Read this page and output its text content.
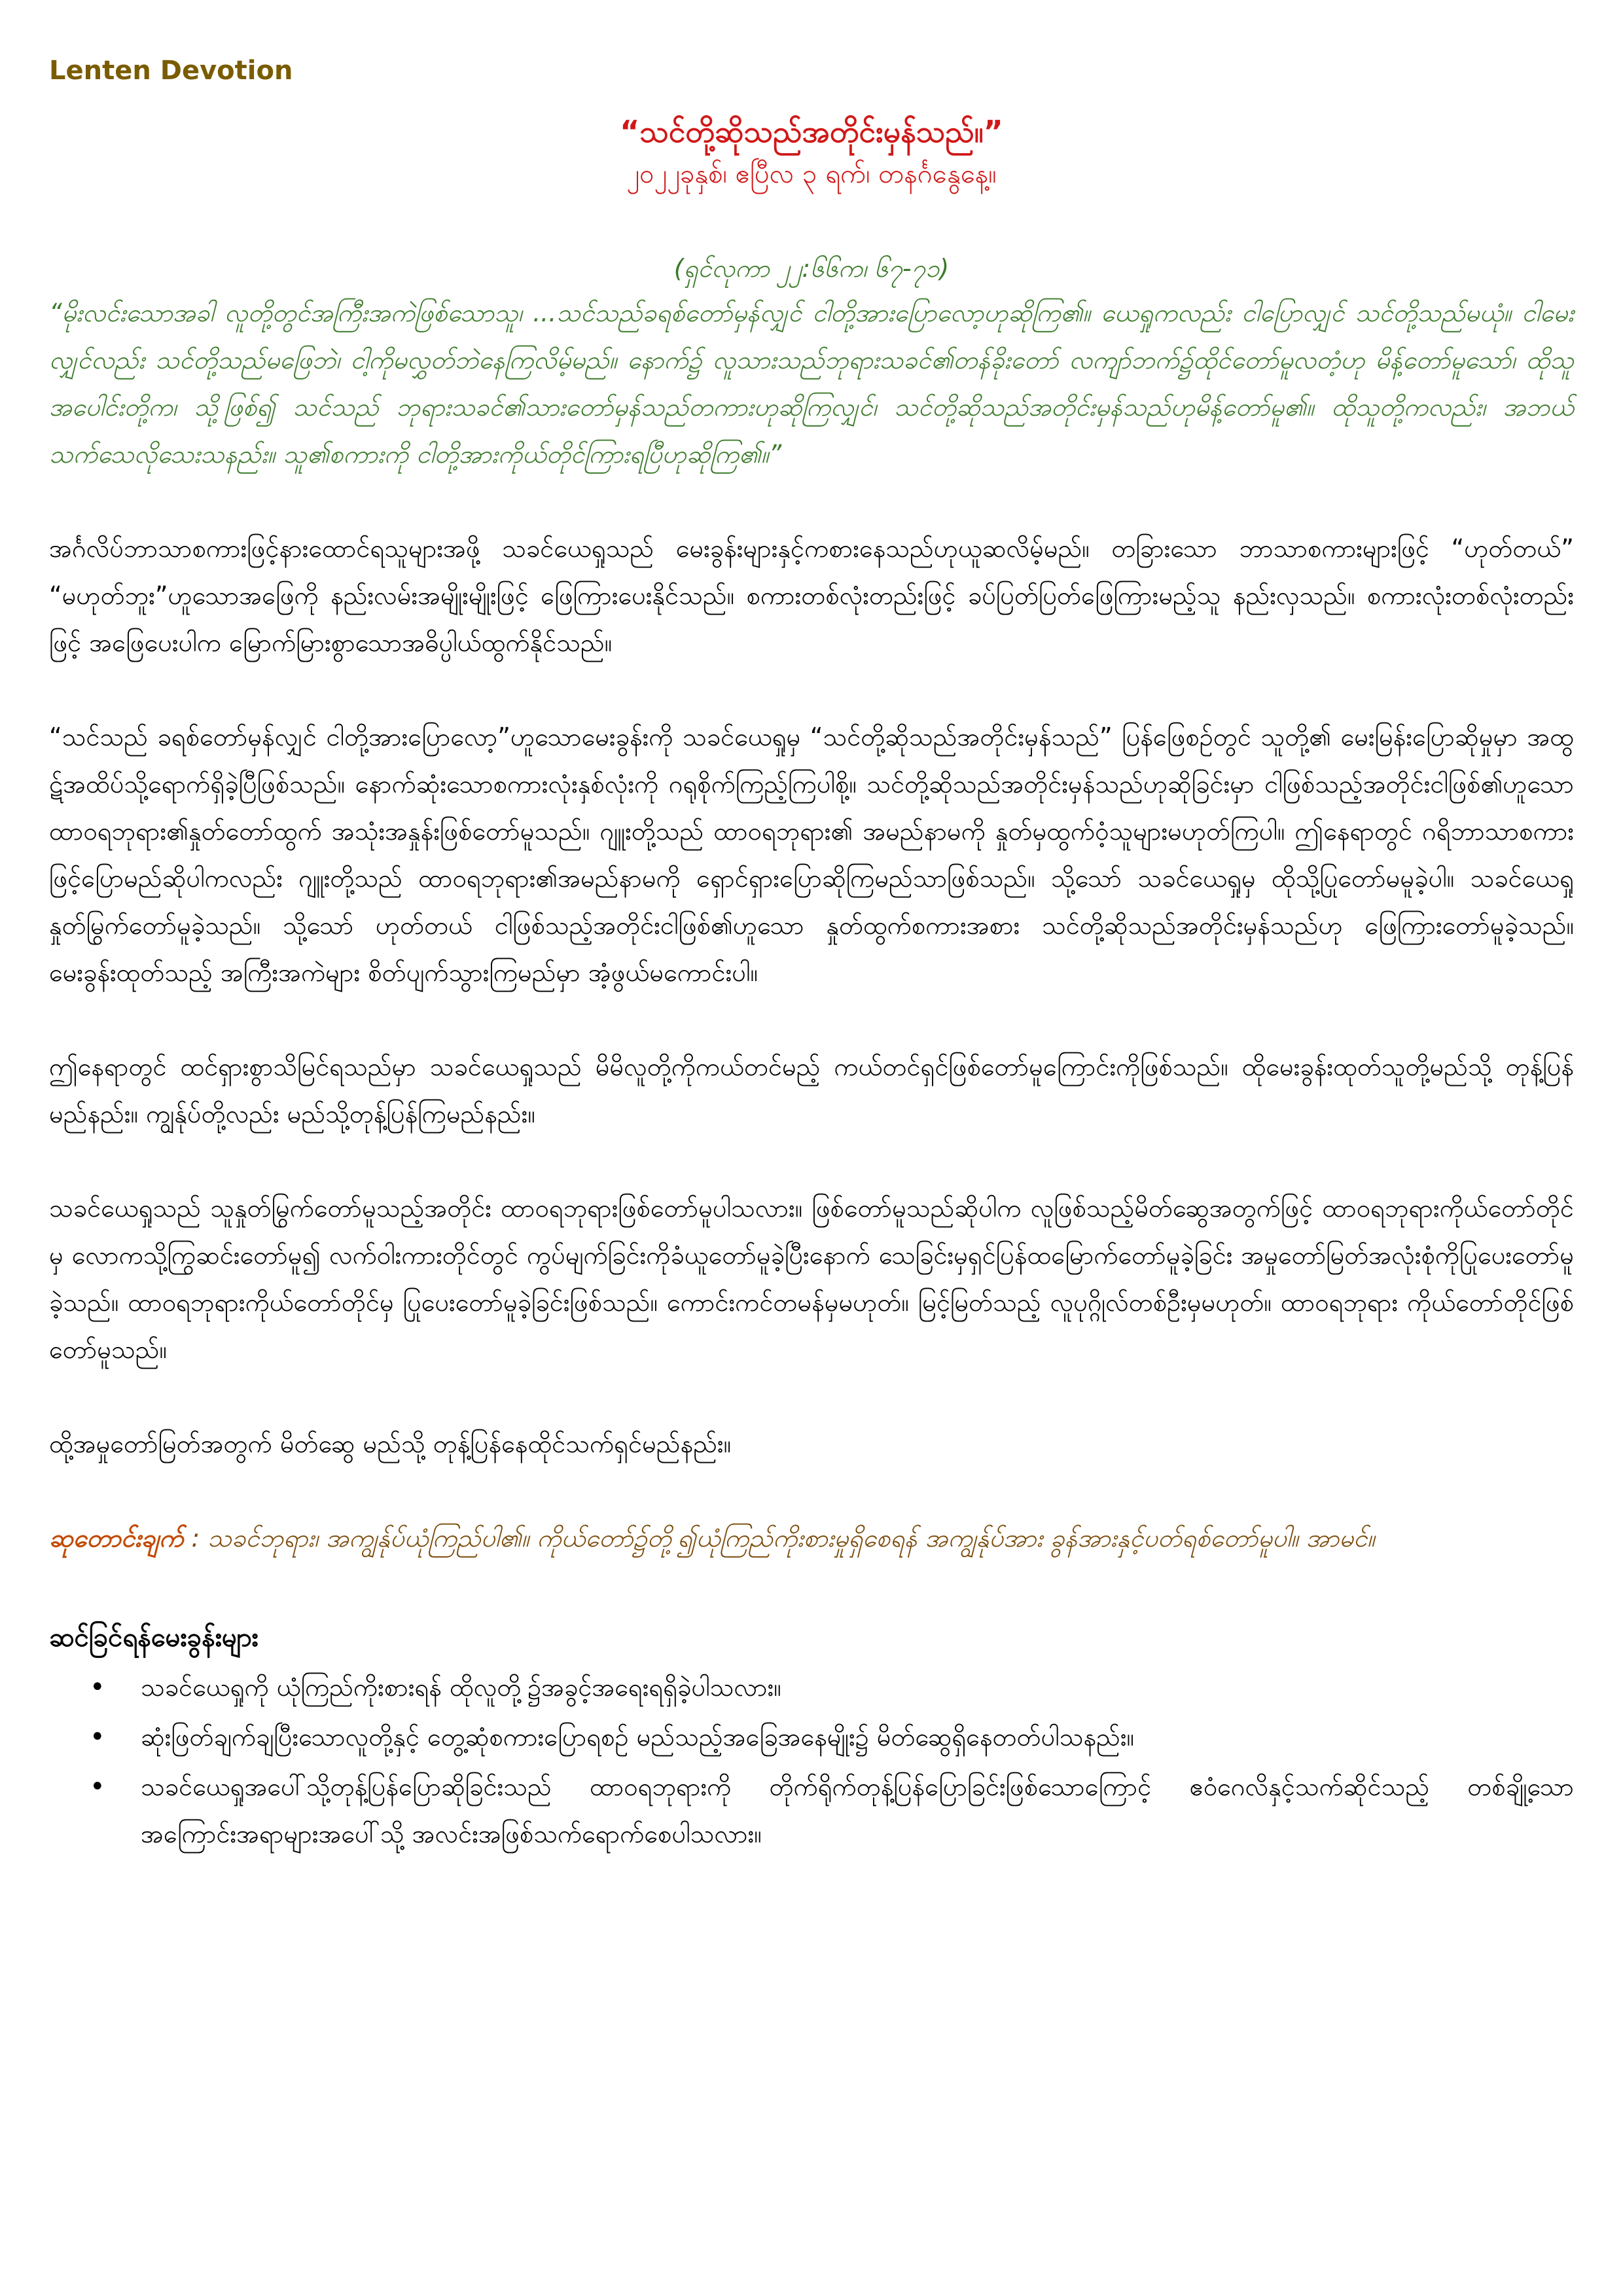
Lenten Devotion
“သင်တို့ဆိုသည်အတိုင်းမှန်သည်။”
၂၀၂၂ခုနှစ်၊ ဧပြီလ ၃ ရက်၊ တနင်္ဂနွေနေ့။
(ရှင်လုကာ ၂၂:၆၆က၊ ၆၇-၇၁)
“မိုးလင်းသောအခါ လူတို့တွင်အကြီးအကဲဖြစ်သောသူ၊ ...သင်သည်ခရစ်တော်မှန်လျှင် ငါတို့အားပြောလော့ဟုဆိုကြ၏။ ယေရှုကလည်း ငါပြောလျှင် သင်တို့သည်မယုံ။ ငါမေးလျှင်လည်း သင်တို့သည်မဖြေဘဲ၊ ငါ့ကိုမလွှတ်ဘဲနေကြလိမ့်မည်။ နောက်၌ လူသားသည်ဘုရားသခင်၏တန်ခိုးတော် လကျာ်ဘက်၌ထိုင်တော်မူလတံ့ဟု မိန့်တော်မူသော်၊ ထိုသူအပေါင်းတို့က၊ သို့ဖြစ်၍ သင်သည် ဘုရားသခင်၏သားတော်မှန်သည်တကားဟုဆိုကြလျှင်၊ သင်တို့ဆိုသည်အတိုင်းမှန်သည်ဟုမိန့်တော်မူ၏။ ထိုသူတို့ကလည်း၊ အဘယ်သက်သေလိုသေးသနည်း။ သူ၏စကားကို ငါတို့အားကိုယ်တိုင်ကြားရပြီဟုဆိုကြ၏။”
အင်္ဂလိပ်ဘာသာစကားဖြင့်နားထောင်ရသူများအဖို့ သခင်ယေရှုသည် မေးခွန်းများနှင့်ကစားနေသည်ဟုယူဆလိမ့်မည်။ တခြားသော ဘာသာစကားများဖြင့် “ဟုတ်တယ်” “မဟုတ်ဘူး”ဟူသောအဖြေကို နည်းလမ်းအမျိုးမျိုးဖြင့် ဖြေကြားပေးနိုင်သည်။ စကားတစ်လုံးတည်းဖြင့် ခပ်ပြတ်ပြတ်ဖြေကြားမည့်သူ နည်းလှသည်။ စကားလုံးတစ်လုံးတည်းဖြင့် အဖြေပေးပါက မြောက်မြားစွာသောအဓိပ္ပါယ်ထွက်နိုင်သည်။
“သင်သည် ခရစ်တော်မှန်လျှင် ငါတို့အားပြောလော့”ဟူသောမေးခွန်းကို သခင်ယေရှုမှ “သင်တို့ဆိုသည်အတိုင်းမှန်သည်” ပြန်ဖြေစဉ်တွင် သူတို့၏ မေးမြန်းပြောဆိုမှုမှာ အထွဋ်အထိပ်သို့ရောက်ရှိခဲ့ပြီဖြစ်သည်။ နောက်ဆုံးသောစကားလုံးနှစ်လုံးကို ဂရုစိုက်ကြည့်ကြပါစို့။ သင်တို့ဆိုသည်အတိုင်းမှန်သည်ဟုဆိုခြင်းမှာ ငါဖြစ်သည့်အတိုင်းငါဖြစ်၏ဟူသော ထာဝရဘုရား၏နှုတ်တော်ထွက် အသုံးအနှုန်းဖြစ်တော်မူသည်။ ဂျူးတို့သည် ထာဝရဘုရား၏ အမည်နာမကို နှုတ်မှထွက်ဝံ့သူများမဟုတ်ကြပါ။ ဤနေရာတွင် ဂရိဘာသာစကားဖြင့်ပြောမည်ဆိုပါကလည်း ဂျူးတို့သည် ထာဝရဘုရား၏အမည်နာမကို ရှောင်ရှားပြောဆိုကြမည်သာဖြစ်သည်။ သို့သော် သခင်ယေရှုမှ ထိုသို့ပြုတော်မမူခဲ့ပါ။ သခင်ယေရှုနှုတ်မြွက်တော်မူခဲ့သည်။ သို့သော် ဟုတ်တယ် ငါဖြစ်သည့်အတိုင်းငါဖြစ်၏ဟူသော နှုတ်ထွက်စကားအစား သင်တို့ဆိုသည်အတိုင်းမှန်သည်ဟု ဖြေကြားတော်မူခဲ့သည်။ မေးခွန်းထုတ်သည့် အကြီးအကဲများ စိတ်ပျက်သွားကြမည်မှာ အံ့ဖွယ်မကောင်းပါ။
ဤနေရာတွင် ထင်ရှားစွာသိမြင်ရသည်မှာ သခင်ယေရှုသည် မိမိလူတို့ကိုကယ်တင်မည့် ကယ်တင်ရှင်ဖြစ်တော်မူကြောင်းကိုဖြစ်သည်။ ထိုမေးခွန်းထုတ်သူတို့မည်သို့ တုန့်ပြန်မည်နည်း။ ကျွန်ုပ်တို့လည်း မည်သို့တုန့်ပြန်ကြမည်နည်း။
သခင်ယေရှုသည် သူနှုတ်မြွက်တော်မူသည့်အတိုင်း ထာဝရဘုရားဖြစ်တော်မူပါသလား။ ဖြစ်တော်မူသည်ဆိုပါက လူဖြစ်သည့်မိတ်ဆွေအတွက်ဖြင့် ထာဝရဘုရားကိုယ်တော်တိုင်မှ လောကသို့ကြွဆင်းတော်မူ၍ လက်ဝါးကားတိုင်တွင် ကွပ်မျက်ခြင်းကိုခံယူတော်မူခဲ့ပြီးနောက် သေခြင်းမှရှင်ပြန်ထမြောက်တော်မူခဲ့ခြင်း အမှုတော်မြတ်အလုံးစုံကိုပြုပေးတော်မူခဲ့သည်။ ထာဝရဘုရားကိုယ်တော်တိုင်မှ ပြုပေးတော်မူခဲ့ခြင်းဖြစ်သည်။ ကောင်းကင်တမန်မှမဟုတ်။ မြင့်မြတ်သည့် လူပုဂ္ဂိုလ်တစ်ဦးမှမဟုတ်။ ထာဝရဘုရား ကိုယ်တော်တိုင်ဖြစ်တော်မူသည်။
ထို့အမှုတော်မြတ်အတွက် မိတ်ဆွေ မည်သို့ တုန့်ပြန်နေထိုင်သက်ရှင်မည်နည်း။
ဆုတောင်းချက် : သခင်ဘုရား၊ အကျွန်ုပ်ယုံကြည်ပါ၏။ ကိုယ်တော်၌တို့၍ယုံကြည်ကိုးစားမှုရှိစေရန် အကျွန်ုပ်အား ခွန်အားနှင့်ပတ်ရစ်တော်မူပါ။ အာမင်။
ဆင်ခြင်ရန်မေးခွန်းများ
• သခင်ယေရှုကို ယုံကြည်ကိုးစားရန် ထိုလူတို့၌အခွင့်အရေးရရှိခဲ့ပါသလား။
• ဆုံးဖြတ်ချက်ချပြီးသောလူတို့နှင့် တွေ့ဆုံစကားပြောရစဉ် မည်သည့်အခြေအနေမျိုး၌ မိတ်ဆွေရှိနေတတ်ပါသနည်း။
• သခင်ယေရှုအပေါ်သို့တုန့်ပြန်ပြောဆိုခြင်းသည် ထာဝရဘုရားကို တိုက်ရိုက်တုန့်ပြန်ပြောခြင်းဖြစ်သောကြောင့် ဧဝံဂေလိနှင့်သက်ဆိုင်သည့် တစ်ချို့သောအကြောင်းအရာများအပေါ်သို့ အလင်းအဖြစ်သက်ရောက်စေပါသလား။
